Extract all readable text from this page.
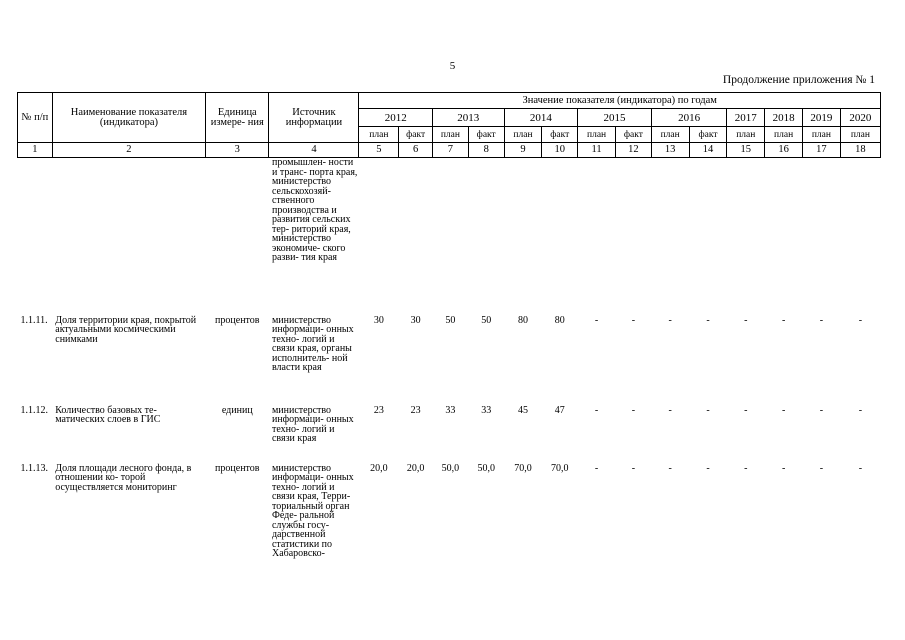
5
Продолжение приложения № 1
№ п/п	Наименование показателя (индикатора)	Единица измере- ния	Источник информации	Значение показателя (индикатора) по годам													
				2012		2013		2014		2015		2016		2017	2018	2019	2020
				план	факт	план	факт	план	факт	план	факт	план	факт	план	план	план	план
1	2	3	4	5	6	7	8	9	10	11	12	13	14	15	16	17	18
			промышлен- ности и транс- порта края, министерство сельскохозяй- ственного производства и развития сельских тер- риторий края, министерство экономиче- ского разви- тия края														
1.1.11.	Доля территории края, покрытой актуальными космическими снимками	процентов	министерство информаци- онных техно- логий и связи края, органы исполнитель- ной власти края	30	30	50	50	80	80	-	-	-	-	-	-	-	-
1.1.12.	Количество базовых те- матических слоев в ГИС	единиц	министерство информаци- онных техно- логий и связи края	23	23	33	33	45	47	-	-	-	-	-	-	-	-
1.1.13.	Доля площади лесного фонда, в отношении ко- торой осуществляется мониторинг	процентов	министерство информаци- онных техно- логий и связи края, Терри- ториальный орган Феде- ральной службы госу- дарственной статистики по Хабаровско-	20,0	20,0	50,0	50,0	70,0	70,0	-	-	-	-	-	-	-	-
